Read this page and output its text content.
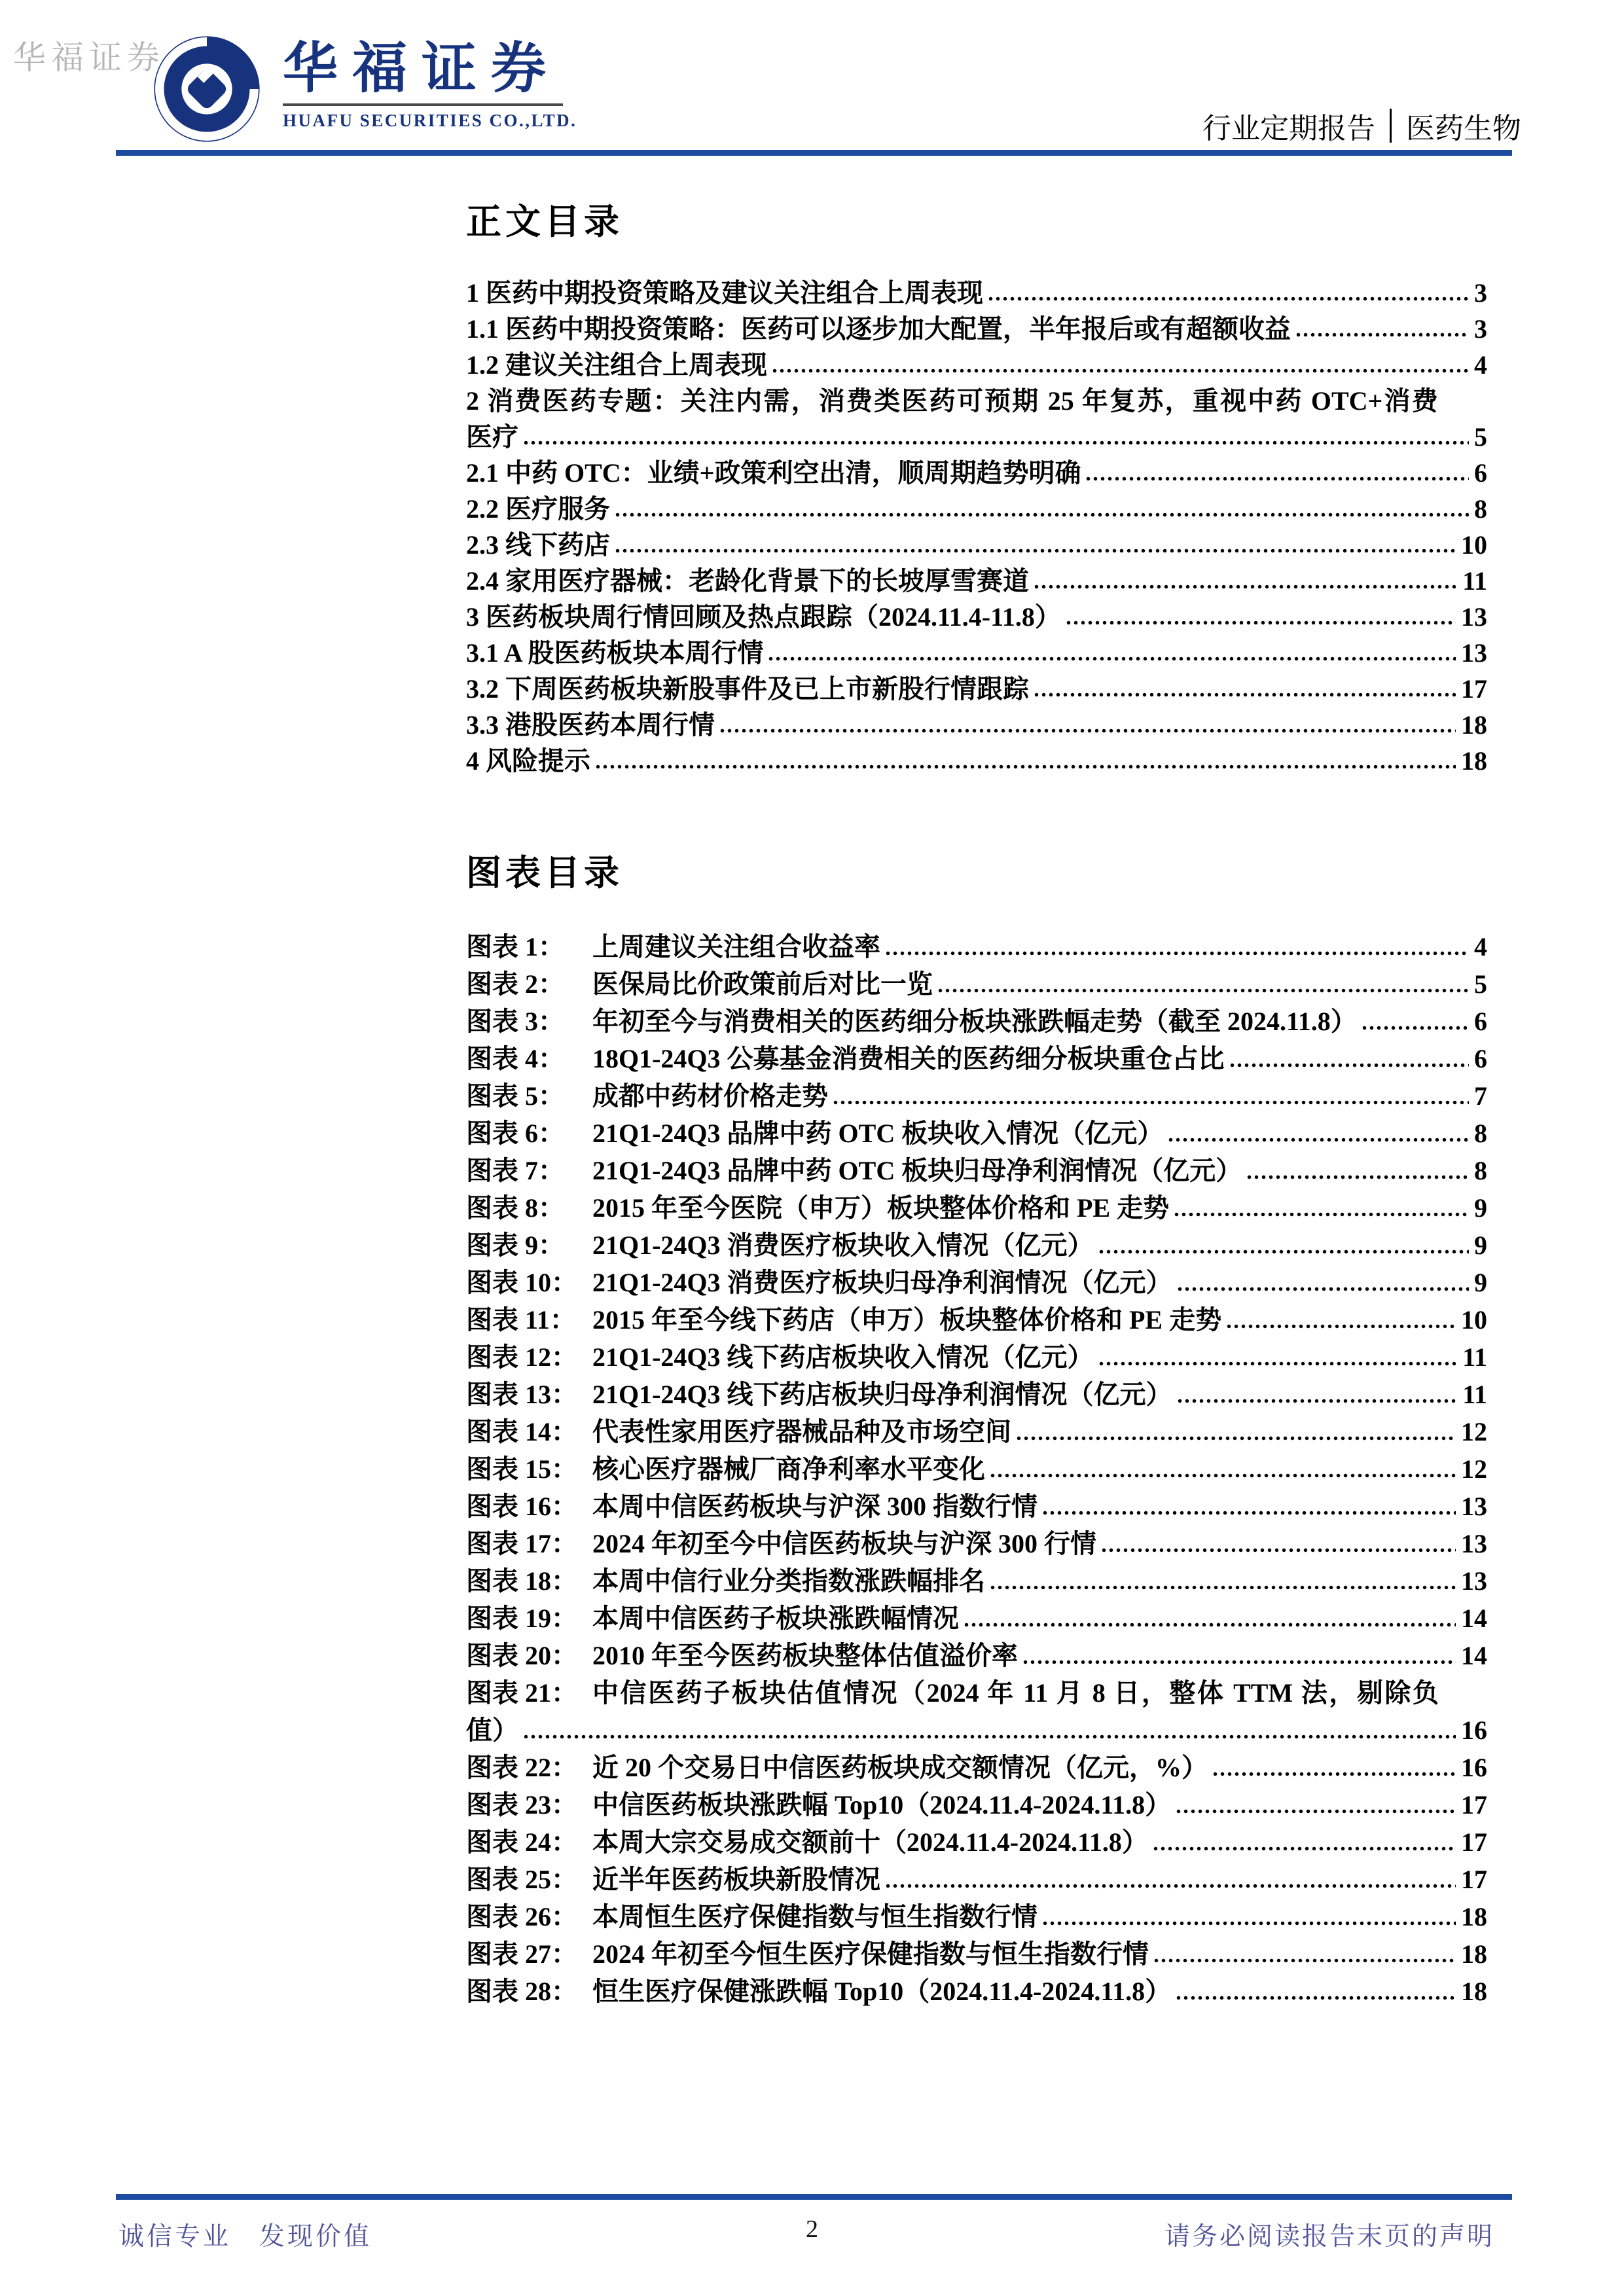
华福证券 华福证券
HUAFU SECURITIES CO.,LTD.	行业定期报告 医药生物
正文目录
1 医药中期投资策略及建议关注组合上周表现	3
1.1 医药中期投资策略：医药可以逐步加大配置，半年报后或有超额收益	3
1.2 建议关注组合上周表现	4
2 消费医药专题：关注内需，消费类医药可预期 25 年复苏，重视中药 OTC+消费
医疗	5
2.1 中药 OTC：业绩+政策利空出清，顺周期趋势明确	6
2.2 医疗服务	8
2.3 线下药店	10
2.4 家用医疗器械：老龄化背景下的长坡厚雪赛道	11
3 医药板块周行情回顾及热点跟踪（2024.11.4-11.8）	13
3.1 A 股医药板块本周行情	13
3.2 下周医药板块新股事件及已上市新股行情跟踪	17
3.3 港股医药本周行情	18
4 风险提示	18
图表目录
图表 1：	上周建议关注组合收益率	4
图表 2：	医保局比价政策前后对比一览	5
图表 3：	年初至今与消费相关的医药细分板块涨跌幅走势（截至 2024.11.8）	6
图表 4：	18Q1-24Q3 公募基金消费相关的医药细分板块重仓占比	6
图表 5：	成都中药材价格走势	7
图表 6：	21Q1-24Q3 品牌中药 OTC 板块收入情况（亿元）	8
图表 7：	21Q1-24Q3 品牌中药 OTC 板块归母净利润情况（亿元）	8
图表 8：	2015 年至今医院（申万）板块整体价格和 PE 走势	9
图表 9：	21Q1-24Q3 消费医疗板块收入情况（亿元）	9
图表 10： 21Q1-24Q3 消费医疗板块归母净利润情况（亿元）	9
图表 11： 2015 年至今线下药店（申万）板块整体价格和 PE 走势	10
图表 12： 21Q1-24Q3 线下药店板块收入情况（亿元）	11
图表 13： 21Q1-24Q3 线下药店板块归母净利润情况（亿元）	11
图表 14： 代表性家用医疗器械品种及市场空间	12
图表 15： 核心医疗器械厂商净利率水平变化	12
图表 16： 本周中信医药板块与沪深 300 指数行情	13
图表 17： 2024 年初至今中信医药板块与沪深 300 行情	13
图表 18： 本周中信行业分类指数涨跌幅排名	13
图表 19： 本周中信医药子板块涨跌幅情况	14
图表 20： 2010 年至今医药板块整体估值溢价率	14
图表 21： 中信医药子板块估值情况（2024 年 11 月 8 日，整体 TTM 法，剔除负
值）	16
图表 22： 近 20 个交易日中信医药板块成交额情况（亿元，%）	16
图表 23： 中信医药板块涨跌幅 Top10（2024.11.4-2024.11.8）	17
图表 24： 本周大宗交易成交额前十（2024.11.4-2024.11.8）	17
图表 25： 近半年医药板块新股情况	17
图表 26： 本周恒生医疗保健指数与恒生指数行情	18
图表 27： 2024 年初至今恒生医疗保健指数与恒生指数行情	18
图表 28： 恒生医疗保健涨跌幅 Top10（2024.11.4-2024.11.8）	18
诚信专业　发现价值	2	请务必阅读报告末页的声明
